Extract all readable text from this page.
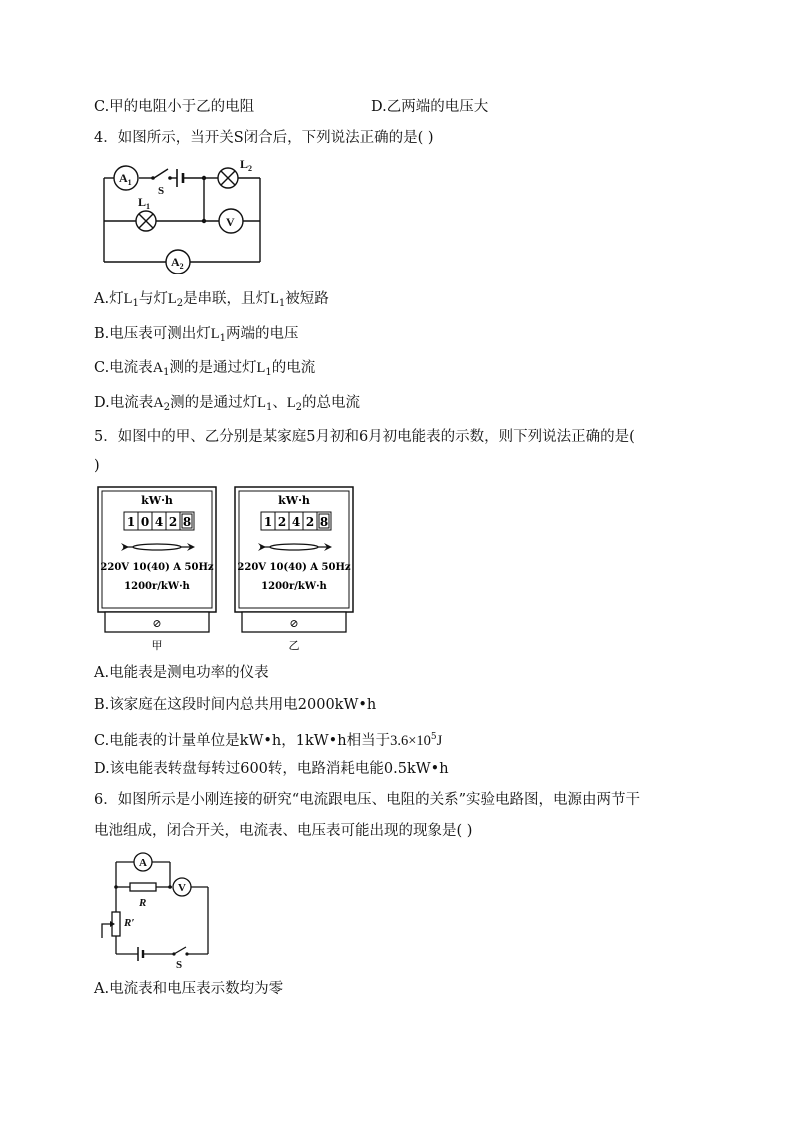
C.甲的电阻小于乙的电阻	D.乙两端的电压大
4．如图所示，当开关S闭合后，下列说法正确的是( )
$A_1$
S
$L_2$
$L_1$
V
$A_2$
A.灯$L_1$与灯$L_2$是串联，且灯$L_1$被短路
B.电压表可测出灯$L_1$两端的电压
C.电流表$A_1$测的是通过灯$L_1$的电流
D.电流表$A_2$测的是通过灯$L_1$、$L_2$的总电流
5．如图中的甲、乙分别是某家庭5月初和6月初电能表的示数，则下列说法正确的是(
)
kW·h
1 0 4 2 8
220V 10(40) A 50Hz
1200r/kW·h
⊘
甲
kW·h
1 2 4 2 8
220V 10(40) A 50Hz
1200r/kW·h
⊘
乙
A.电能表是测电功率的仪表
B.该家庭在这段时间内总共用电2000kW•h
C.电能表的计量单位是kW•h，1kW•h相当于$3.6\times 10^5J$
D.该电能表转盘每转过600转，电路消耗电能0.5kW•h
6．如图所示是小刚连接的研究“电流跟电压、电阻的关系”实验电路图，电源由两节干
电池组成，闭合开关，电流表、电压表可能出现的现象是( )
A
R
V
R′
S
A.电流表和电压表示数均为零
